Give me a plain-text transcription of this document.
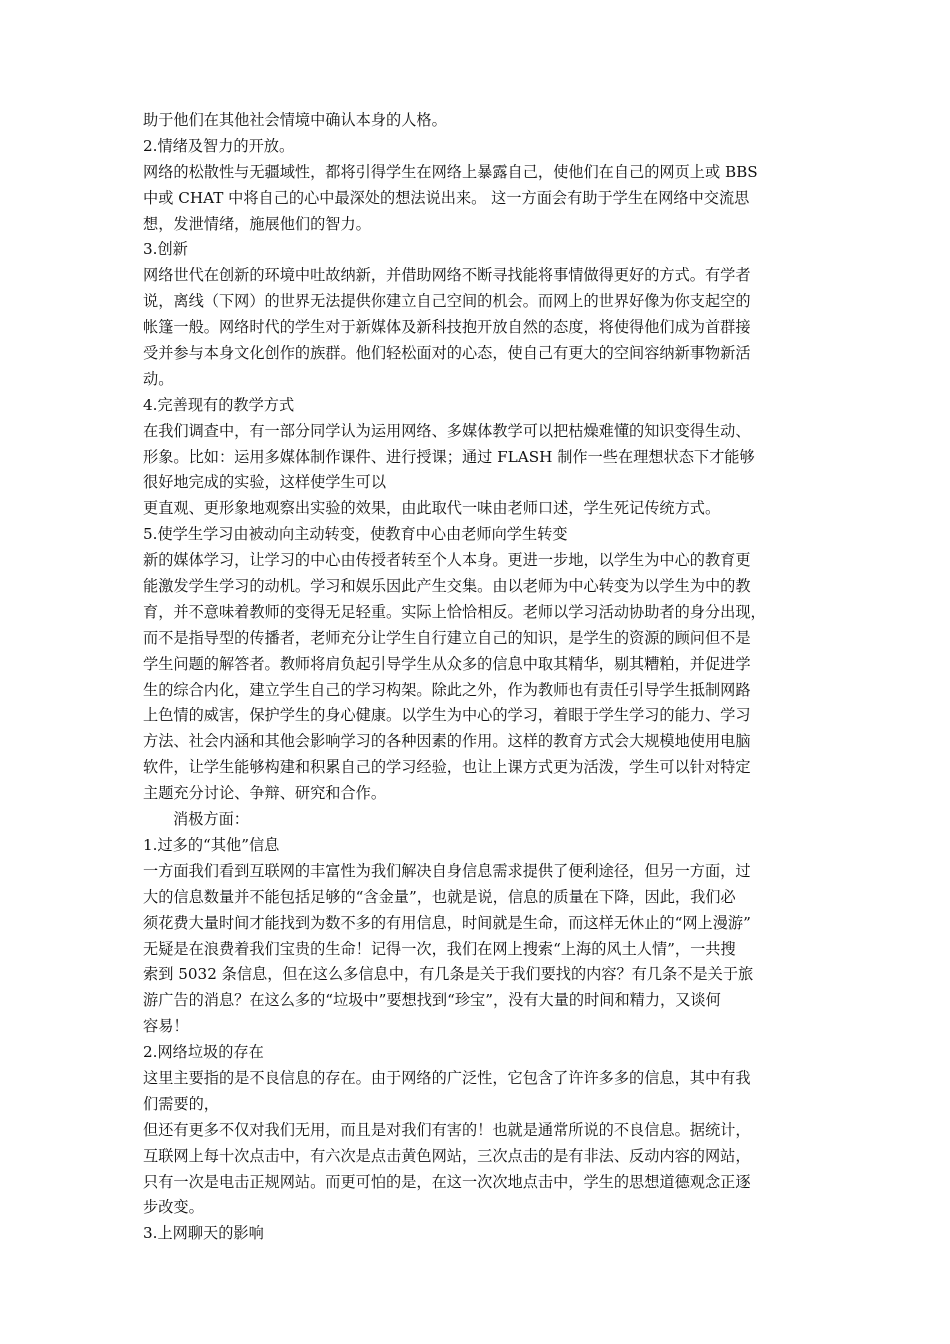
助于他们在其他社会情境中确认本身的人格。
2.情绪及智力的开放。
网络的松散性与无疆域性，都将引得学生在网络上暴露自己，使他们在自己的网页上或 BBS
中或 CHAT 中将自己的心中最深处的想法说出来。 这一方面会有助于学生在网络中交流思
想，发泄情绪，施展他们的智力。
3.创新
网络世代在创新的环境中吐故纳新，并借助网络不断寻找能将事情做得更好的方式。有学者
说，离线（下网）的世界无法提供你建立自己空间的机会。而网上的世界好像为你支起空的
帐篷一般。网络时代的学生对于新媒体及新科技抱开放自然的态度，将使得他们成为首群接
受并参与本身文化创作的族群。他们轻松面对的心态，使自己有更大的空间容纳新事物新活
动。
4.完善现有的教学方式
在我们调查中，有一部分同学认为运用网络、多媒体教学可以把枯燥难懂的知识变得生动、
形象。比如：运用多媒体制作课件、进行授课；通过 FLASH 制作一些在理想状态下才能够
很好地完成的实验，这样使学生可以
更直观、更形象地观察出实验的效果，由此取代一味由老师口述，学生死记传统方式。
5.使学生学习由被动向主动转变，使教育中心由老师向学生转变
新的媒体学习，让学习的中心由传授者转至个人本身。更进一步地，以学生为中心的教育更
能激发学生学习的动机。学习和娱乐因此产生交集。由以老师为中心转变为以学生为中的教
育，并不意味着教师的变得无足轻重。实际上恰恰相反。老师以学习活动协助者的身分出现，
而不是指导型的传播者，老师充分让学生自行建立自己的知识，是学生的资源的顾问但不是
学生问题的解答者。教师将肩负起引导学生从众多的信息中取其精华，剔其糟粕，并促进学
生的综合内化，建立学生自己的学习构架。除此之外，作为教师也有责任引导学生抵制网路
上色情的威害，保护学生的身心健康。以学生为中心的学习，着眼于学生学习的能力、学习
方法、社会内涵和其他会影响学习的各种因素的作用。这样的教育方式会大规模地使用电脑
软件，让学生能够构建和积累自己的学习经验，也让上课方式更为活泼，学生可以针对特定
主题充分讨论、争辩、研究和合作。
消极方面：
1.过多的“其他”信息
一方面我们看到互联网的丰富性为我们解决自身信息需求提供了便利途径，但另一方面，过
大的信息数量并不能包括足够的“含金量”，也就是说，信息的质量在下降，因此，我们必
须花费大量时间才能找到为数不多的有用信息，时间就是生命，而这样无休止的“网上漫游”
无疑是在浪费着我们宝贵的生命！记得一次，我们在网上搜索“上海的风土人情”，一共搜
索到 5032 条信息，但在这么多信息中，有几条是关于我们要找的内容？有几条不是关于旅
游广告的消息？在这么多的“垃圾中”要想找到“珍宝”，没有大量的时间和精力，又谈何
容易！
2.网络垃圾的存在
这里主要指的是不良信息的存在。由于网络的广泛性，它包含了许许多多的信息，其中有我
们需要的，
但还有更多不仅对我们无用，而且是对我们有害的！也就是通常所说的不良信息。据统计，
互联网上每十次点击中，有六次是点击黄色网站，三次点击的是有非法、反动内容的网站，
只有一次是电击正规网站。而更可怕的是，在这一次次地点击中，学生的思想道德观念正逐
步改变。
3.上网聊天的影响
